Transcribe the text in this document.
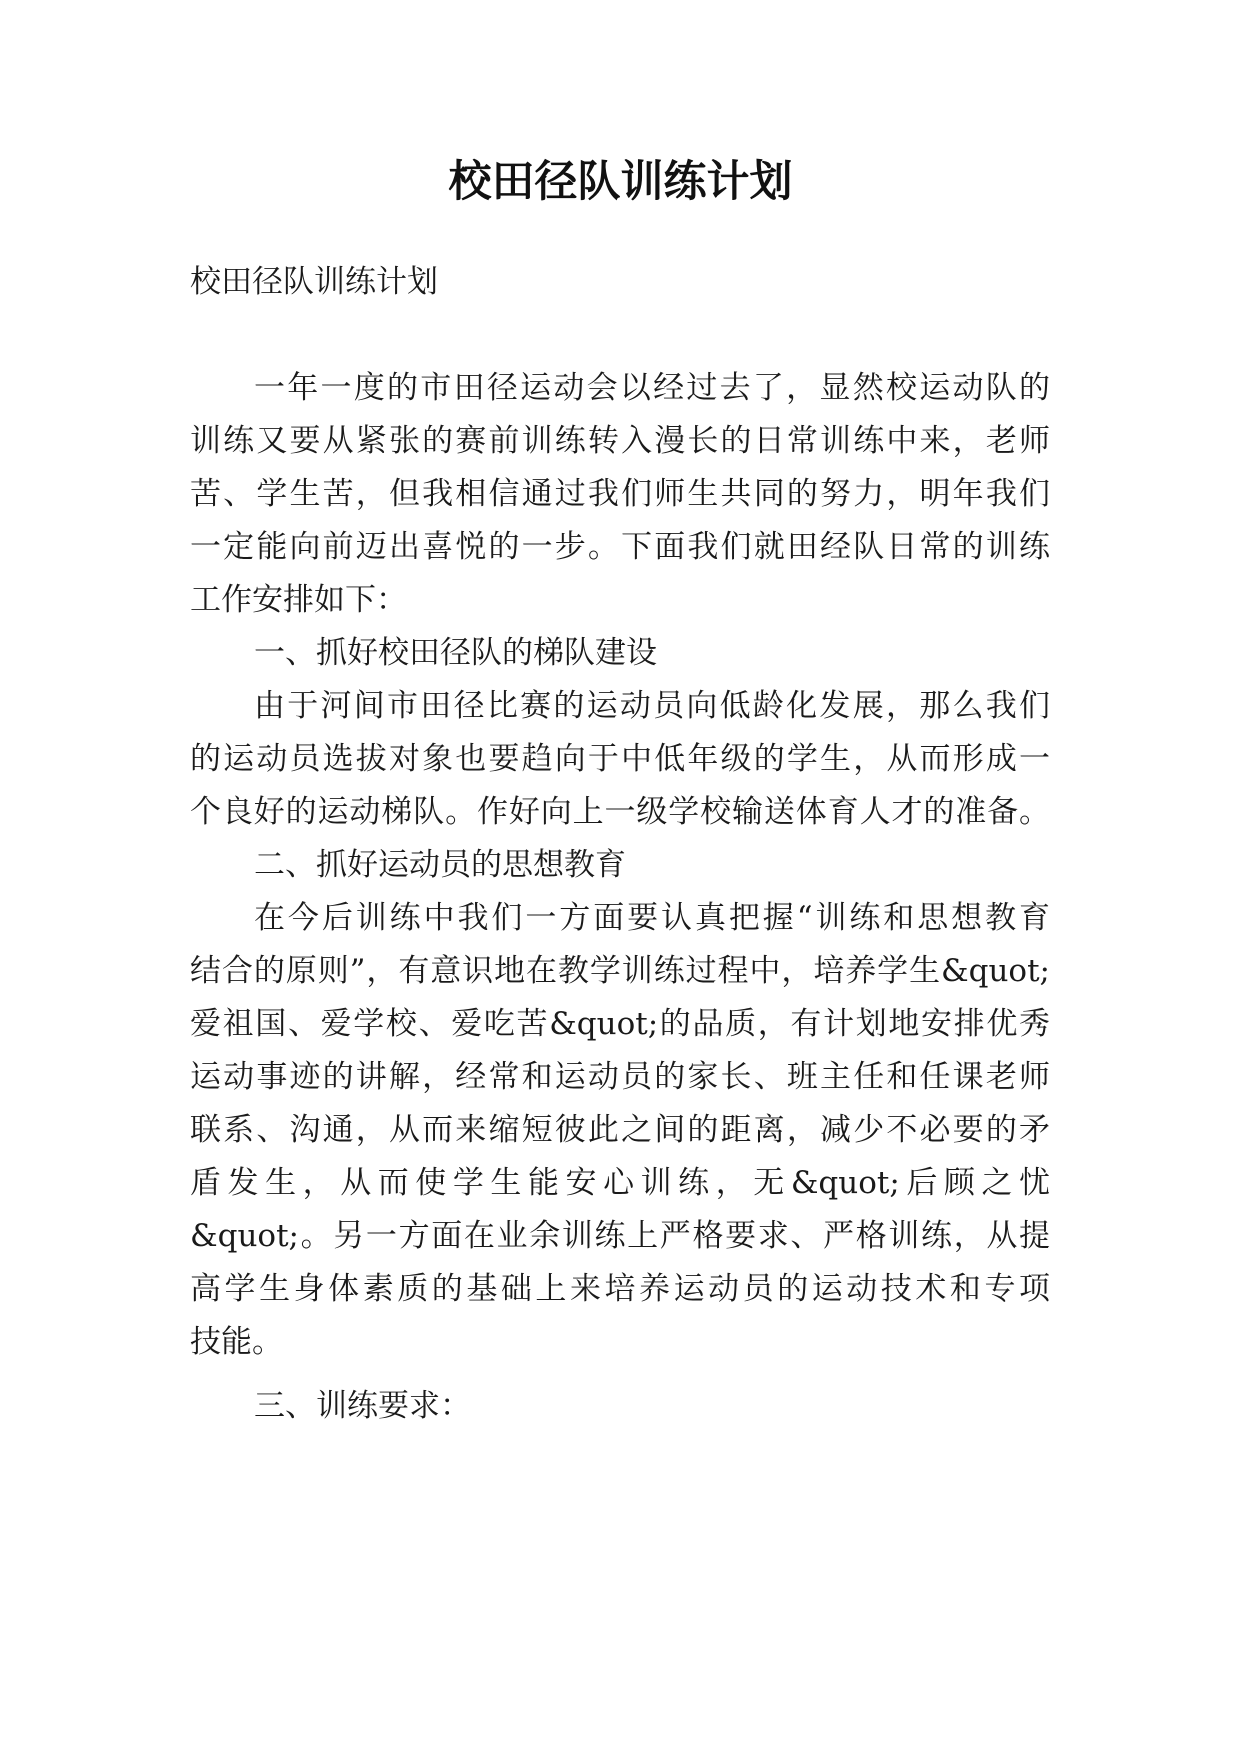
校田径队训练计划
校田径队训练计划
一年一度的市田径运动会以经过去了，显然校运动队的
训练又要从紧张的赛前训练转入漫长的日常训练中来，老师
苦、学生苦，但我相信通过我们师生共同的努力，明年我们
一定能向前迈出喜悦的一步。下面我们就田经队日常的训练
工作安排如下：
一、抓好校田径队的梯队建设
由于河间市田径比赛的运动员向低龄化发展，那么我们
的运动员选拔对象也要趋向于中低年级的学生，从而形成一
个良好的运动梯队。作好向上一级学校输送体育人才的准备。
二、抓好运动员的思想教育
在今后训练中我们一方面要认真把握“训练和思想教育
结合的原则”，有意识地在教学训练过程中，培养学生&quot;
爱祖国、爱学校、爱吃苦&quot;的品质，有计划地安排优秀
运动事迹的讲解，经常和运动员的家长、班主任和任课老师
联系、沟通，从而来缩短彼此之间的距离，减少不必要的矛
盾发生，从而使学生能安心训练，无&quot;后顾之忧
&quot;。另一方面在业余训练上严格要求、严格训练，从提
高学生身体素质的基础上来培养运动员的运动技术和专项
技能。
三、训练要求：
